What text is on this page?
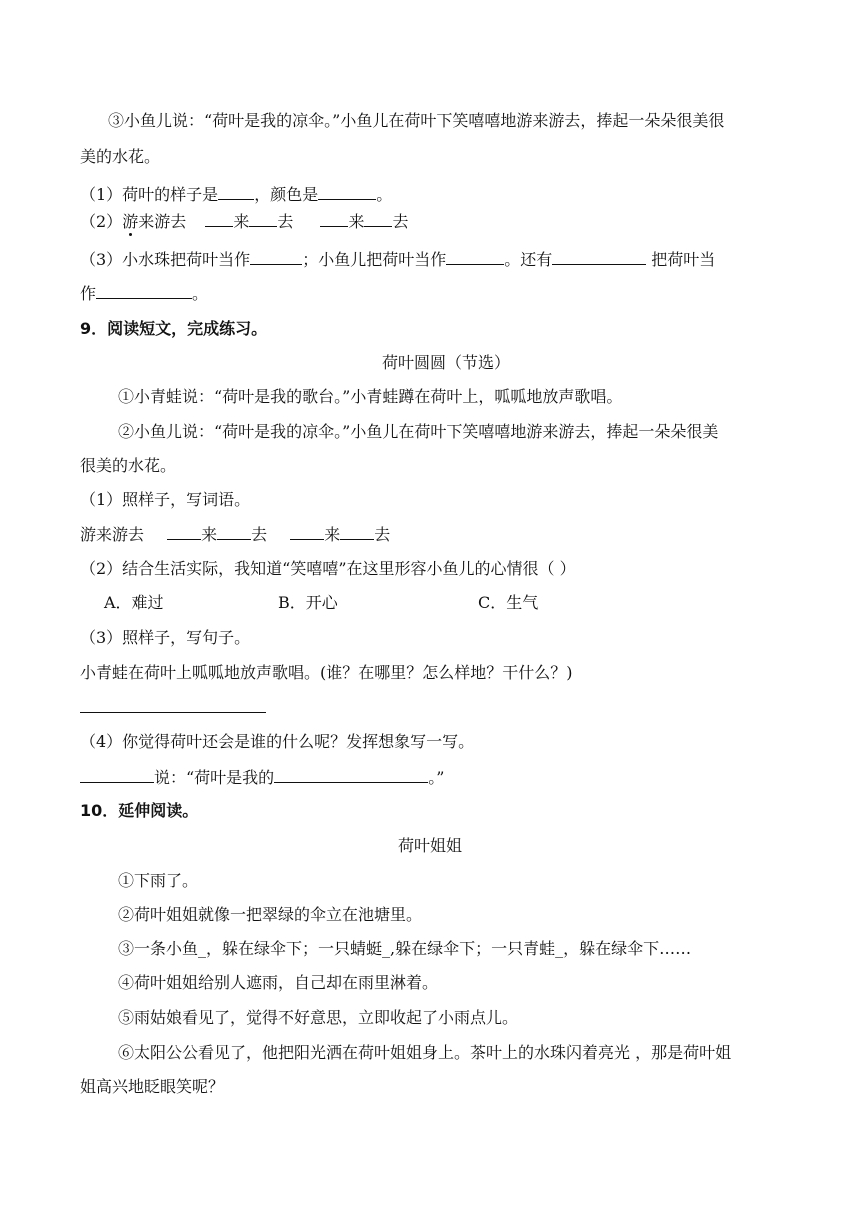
③小鱼儿说：“荷叶是我的凉伞。”小鱼儿在荷叶下笑嘻嘻地游来游去，捧起一朵朵很美很
美的水花。
（1）荷叶的样子是 ，颜色是	。
（2）游来游去	来 去	来 去
（3）小水珠把荷叶当作	；小鱼儿把荷叶当作	。还有	把荷叶当
作	。
9．阅读短文，完成练习。
荷叶圆圆（节选）
①小青蛙说：“荷叶是我的歌台。”小青蛙蹲在荷叶上，呱呱地放声歌唱。
②小鱼儿说：“荷叶是我的凉伞。”小鱼儿在荷叶下笑嘻嘻地游来游去，捧起一朵朵很美
很美的水花。
（1）照样子，写词语。
游来游去	来 去	来 去
（2）结合生活实际，我知道“笑嘻嘻”在这里形容小鱼儿的心情很（ ）
A．难过	B．开心	C．生气
（3）照样子，写句子。
小青蛙在荷叶上呱呱地放声歌唱。(谁？在哪里？怎么样地？干什么？)
（4）你觉得荷叶还会是谁的什么呢？发挥想象写一写。
说：“荷叶是我的	。”
10．延伸阅读。
荷叶姐姐
①下雨了。
②荷叶姐姐就像一把翠绿的伞立在池塘里。
③一条小鱼_，躲在绿伞下；一只蜻蜓_,躲在绿伞下；一只青蛙_，躲在绿伞下……
④荷叶姐姐给别人遮雨，自己却在雨里淋着。
⑤雨姑娘看见了，觉得不好意思，立即收起了小雨点儿。
⑥太阳公公看见了，他把阳光洒在荷叶姐姐身上。茶叶上的水珠闪着亮光 ，那是荷叶姐
姐高兴地眨眼笑呢？
